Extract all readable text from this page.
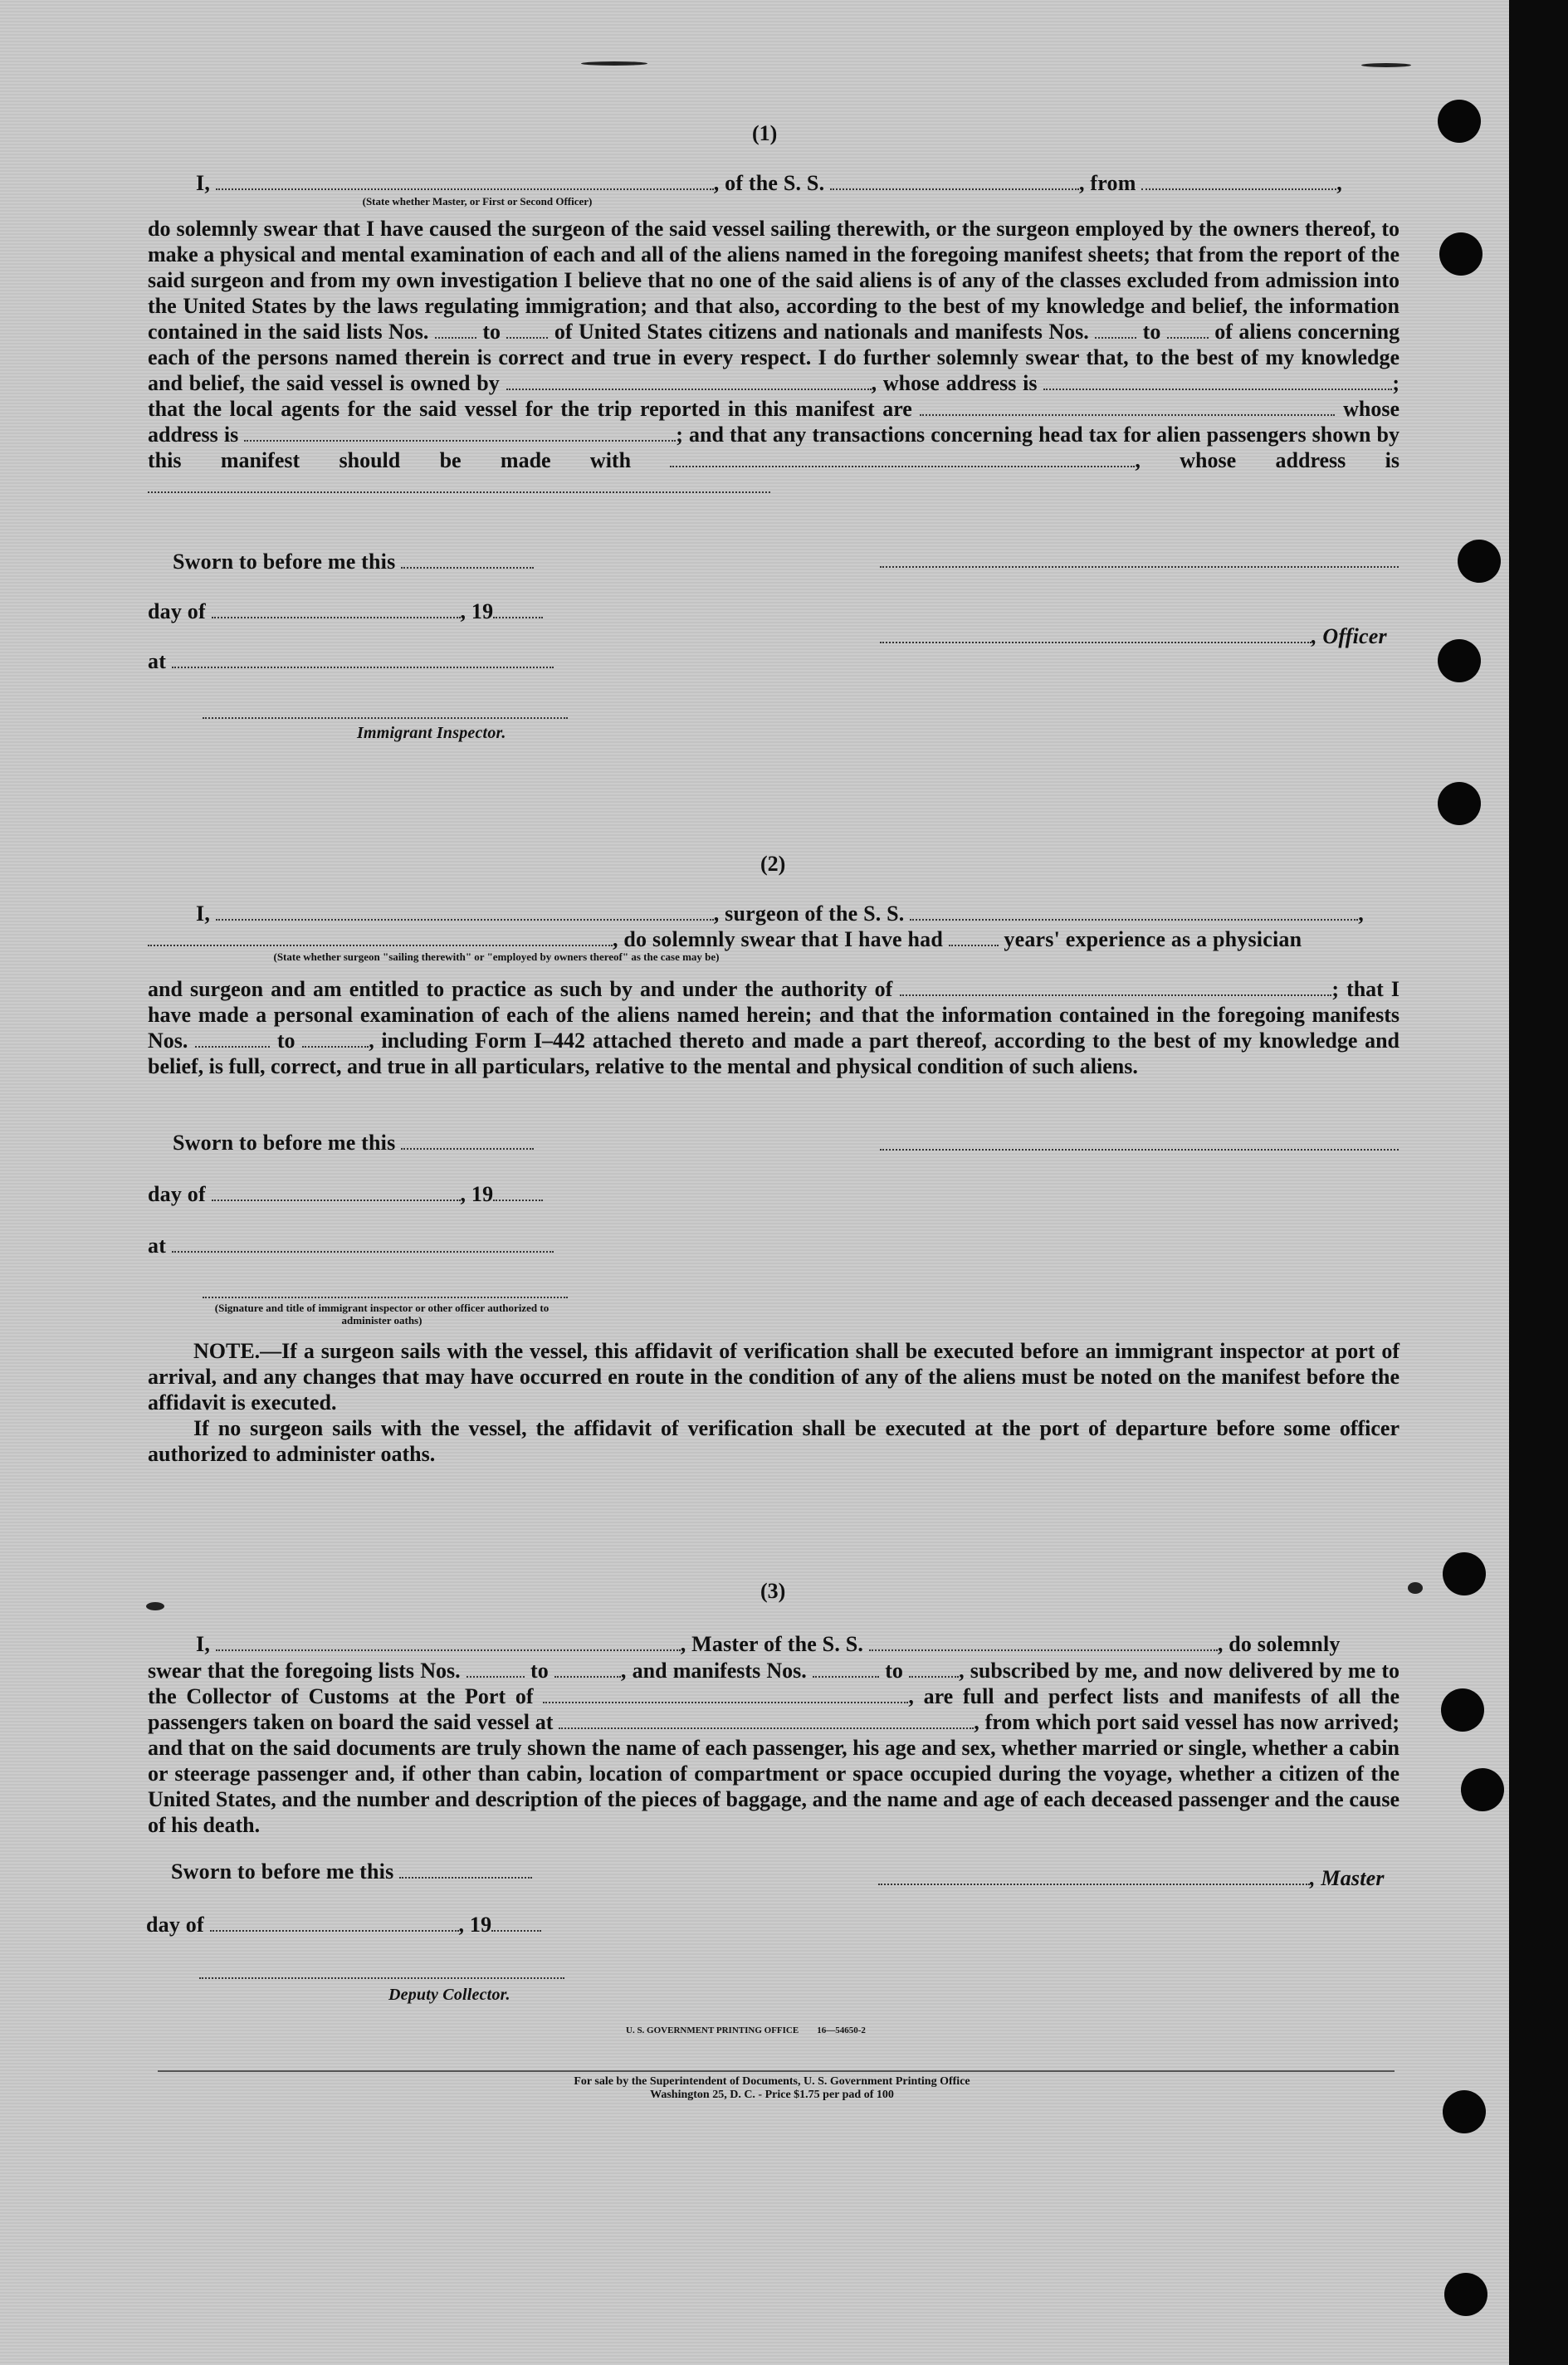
(1)
I,	, of the S. S.	, from	,
(State whether Master, or First or Second Officer)
do solemnly swear that I have caused the surgeon of the said vessel sailing therewith, or the surgeon employed by the owners thereof, to make a physical and mental examination of each and all of the aliens named in the foregoing manifest sheets; that from the report of the said surgeon and from my own investigation I believe that no one of the said aliens is of any of the classes excluded from admission into the United States by the laws regulating immigration; and that also, according to the best of my knowledge and belief, the information contained in the said lists Nos. to of United States citizens and nationals and manifests Nos. to of aliens concerning each of the persons named therein is correct and true in every respect. I do further solemnly swear that, to the best of my knowledge and belief, the said vessel is owned by	, whose address is	; that the local agents for the said vessel for the trip reported in this manifest are	whose address is	; and that any transactions concerning head tax for alien passengers shown by this manifest should be made with	, whose address is
Sworn to before me this
day of	, 19
, Officer
at
Immigrant Inspector.
(2)
I,	, surgeon of the S. S.	,
, do solemnly swear that I have had	years' experience as a physician
(State whether surgeon "sailing therewith" or "employed by owners thereof" as the case may be)
and surgeon and am entitled to practice as such by and under the authority of	; that I have made a personal examination of each of the aliens named herein; and that the information contained in the foregoing manifests Nos.	to	, including Form I–442 attached thereto and made a part thereof, according to the best of my knowledge and belief, is full, correct, and true in all particulars, relative to the mental and physical condition of such aliens.
Sworn to before me this
day of	, 19
at
(Signature and title of immigrant inspector or other officer authorized to administer oaths)
NOTE.—If a surgeon sails with the vessel, this affidavit of verification shall be executed before an immigrant inspector at port of arrival, and any changes that may have occurred en route in the condition of any of the aliens must be noted on the manifest before the affidavit is executed.
If no surgeon sails with the vessel, the affidavit of verification shall be executed at the port of departure before some officer authorized to administer oaths.
(3)
I,	, Master of the S. S.	, do solemnly
swear that the foregoing lists Nos.	to	, and manifests Nos.	to	, subscribed by me, and now delivered by me to the Collector of Customs at the Port of	, are full and perfect lists and manifests of all the passengers taken on board the said vessel at	, from which port said vessel has now arrived; and that on the said documents are truly shown the name of each passenger, his age and sex, whether married or single, whether a cabin or steerage passenger and, if other than cabin, location of compartment or space occupied during the voyage, whether a citizen of the United States, and the number and description of the pieces of baggage, and the name and age of each deceased passenger and the cause of his death.
Sworn to before me this	, Master
day of	, 19
Deputy Collector.
U. S. GOVERNMENT PRINTING OFFICE 16—54650-2
For sale by the Superintendent of Documents, U. S. Government Printing Office
Washington 25, D. C. - Price $1.75 per pad of 100
